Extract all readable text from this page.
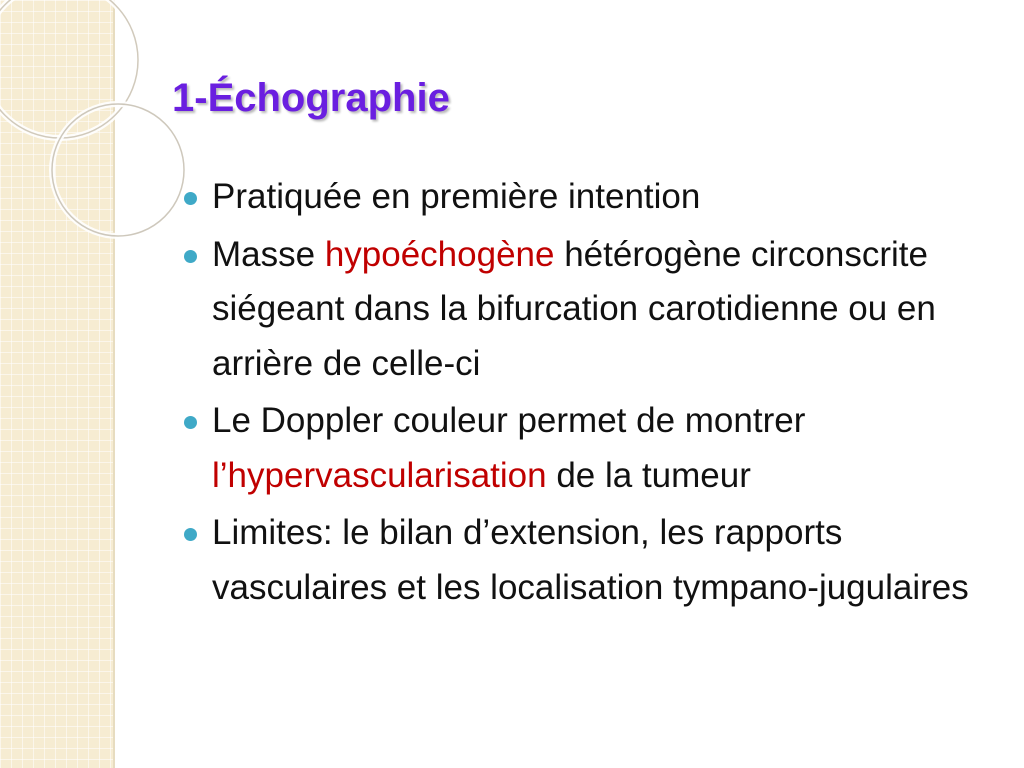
1-Échographie
Pratiquée en première intention
Masse hypoéchogène hétérogène circonscrite siégeant dans la bifurcation carotidienne ou en arrière de celle-ci
Le Doppler couleur permet de montrer l’hypervascularisation de la tumeur
Limites: le bilan d’extension, les rapports vasculaires et les localisation tympano-jugulaires
